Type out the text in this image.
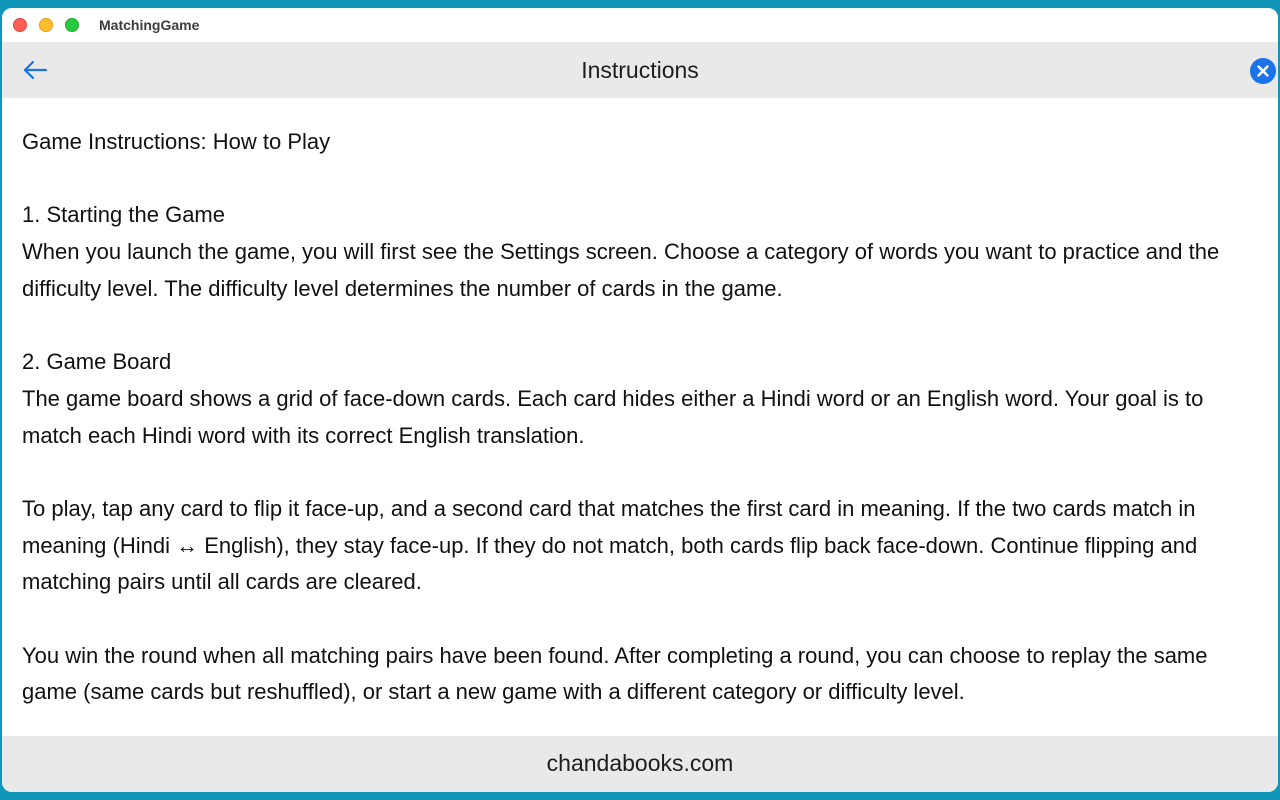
MatchingGame
Instructions

Game Instructions: How to Play

1. Starting the Game

When you launch the game, you will first see the Settings screen. Choose a category of words you want to practice and the difficulty level. The difficulty level determines the number of cards in the game.

2. Game Board

The game board shows a grid of face-down cards. Each card hides either a Hindi word or an English word. Your goal is to match each Hindi word with its correct English translation.

To play, tap any card to flip it face-up, and a second card that matches the first card in meaning. If the two cards match in meaning (Hindi ↔ English), they stay face-up. If they do not match, both cards flip back face-down. Continue flipping and matching pairs until all cards are cleared.

You win the round when all matching pairs have been found. After completing a round, you can choose to replay the same game (same cards but reshuffled), or start a new game with a different category or difficulty level.

chandabooks.com
